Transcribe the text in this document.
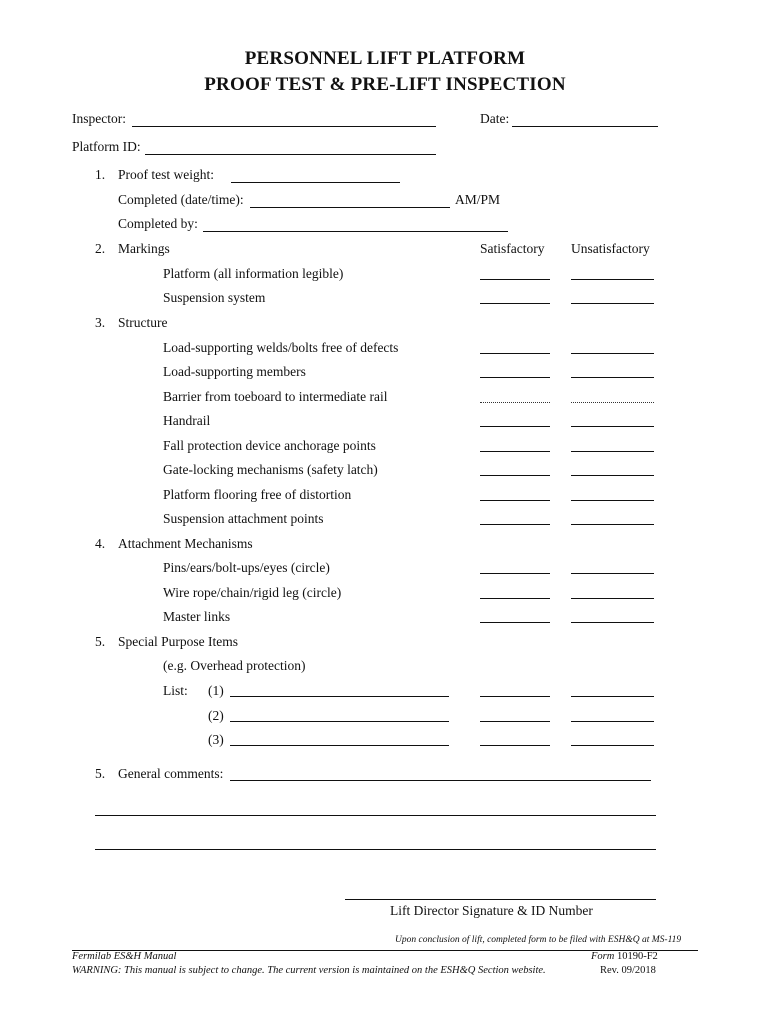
PERSONNEL LIFT PLATFORM
PROOF TEST & PRE-LIFT INSPECTION
Inspector:	Date:
Platform ID:
1. Proof test weight:
Completed (date/time):	AM/PM
Completed by:
2. Markings	Satisfactory Unsatisfactory
Platform (all information legible)
Suspension system
3. Structure
Load-supporting welds/bolts free of defects
Load-supporting members
Barrier from toeboard to intermediate rail
Handrail
Fall protection device anchorage points
Gate-locking mechanisms (safety latch)
Platform flooring free of distortion
Suspension attachment points
4. Attachment Mechanisms
Pins/ears/bolt-ups/eyes (circle)
Wire rope/chain/rigid leg (circle)
Master links
5. Special Purpose Items
(e.g. Overhead protection)
List: (1)
(2)
(3)
5. General comments:
Lift Director Signature & ID Number
Upon conclusion of lift, completed form to be filed with ESH&Q at MS-119
Fermilab ES&H Manual	Form 10190-F2
WARNING: This manual is subject to change. The current version is maintained on the ESH&Q Section website.	Rev. 09/2018
